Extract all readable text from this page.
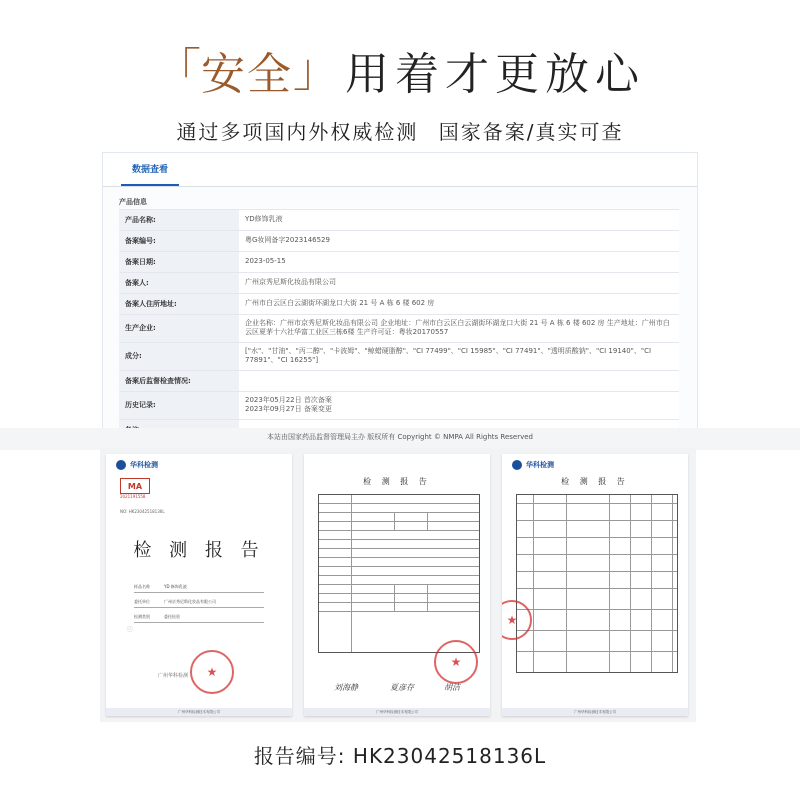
「 安全 」 用着才更放心
通过多项国内外权威检测 国家备案/真实可查
数据查看
产品信息
产品名称:	YD修饰乳液
备案编号:	粤G妆网备字2023146529
备案日期:	2023-05-15
备案人:	广州京秀尼斯化妆品有限公司
备案人住所地址:	广州市白云区白云湖街环湖龙口大街 21 号 A 栋 6 楼 602 房
生产企业:
企业名称：广州市京秀尼斯化妆品有限公司 企业地址：广州市白云区白云湖街环湖龙口大街 21 号 A 栋 6 楼 602 房 生产地址：广州市白云区夏茅十六社华富工业区三栋6楼 生产许可证：粤妆20170557
成分:
["水"、"甘油"、"丙二醇"、"卡波姆"、"鲸蜡硬脂醇"、"CI 77499"、"CI 15985"、"CI 77491"、"透明质酸钠"、"CI 19140"、"CI 77891"、"CI 16255"]
备案后监督检查情况:
历史记录:
2023年05月22日 首次备案
2023年09月27日 备案变更
本站由国家药品监督管理局主办 版权所有 Copyright © NMPA All Rights Reserved
华科检测
MA
2021191558
NO: HK23042518136L
检 测 报 告
样品名称	YD 修饰乳液
委托单位	广州京秀尼斯化妆品有限公司
检测类别	委托检验
广州华科检测 ★
◎
广州华科检测技术有限公司
检 测 报 告
★
刘海静	夏彦存	胡洁
广州华科检测技术有限公司
华科检测
检 测 报 告
★
广州华科检测技术有限公司
报告编号: HK23042518136L
